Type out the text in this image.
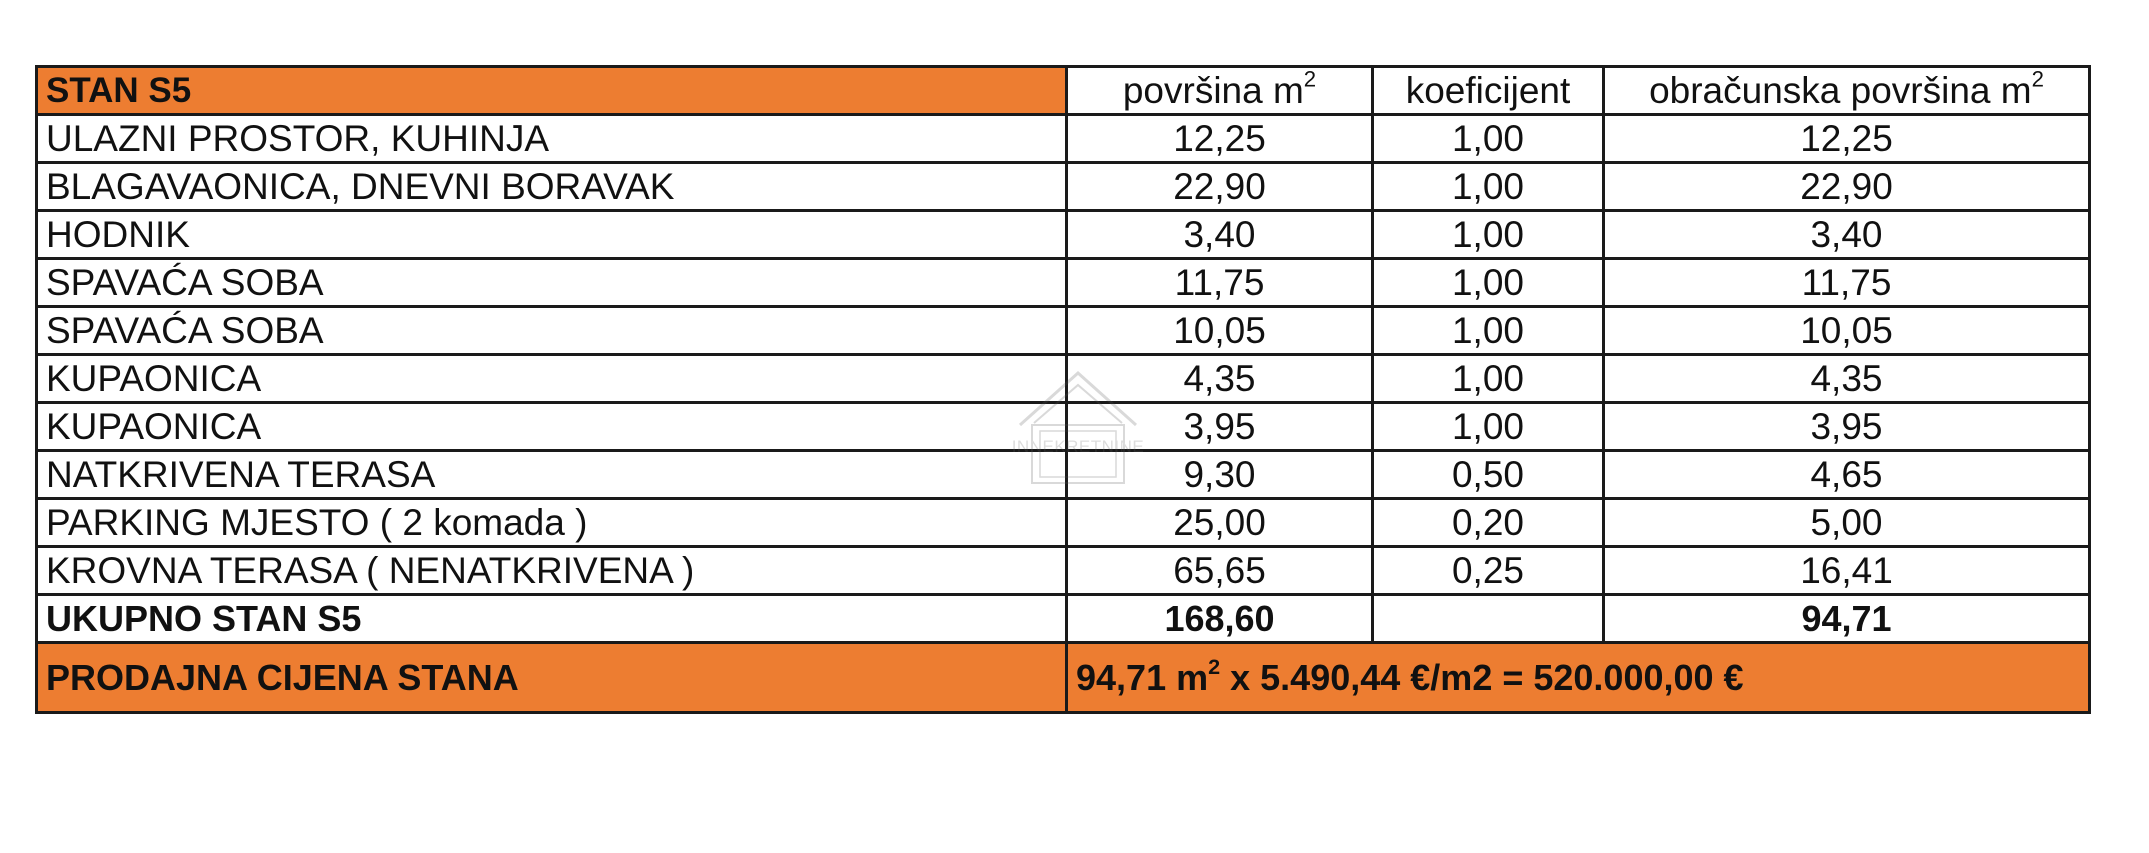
STAN S5	površina $m^2$	koeficijent	obračunska površina $m^2$
ULAZNI PROSTOR, KUHINJA	12,25	1,00	12,25
BLAGAVAONICA, DNEVNI BORAVAK	22,90	1,00	22,90
HODNIK	3,40	1,00	3,40
SPAVAĆA SOBA	11,75	1,00	11,75
SPAVAĆA SOBA	10,05	1,00	10,05
KUPAONICA	4,35	1,00	4,35
KUPAONICA	3,95	1,00	3,95
NATKRIVENA TERASA	9,30	0,50	4,65
PARKING MJESTO ( 2 komada )	25,00	0,20	5,00
KROVNA TERASA ( NENATKRIVENA )	65,65	0,25	16,41
UKUPNO STAN S5	168,60		94,71
PRODAJNA CIJENA STANA	94,71 $m^2$ x 5.490,44 €/m2 = 520.000,00 €		
INNEKRETNINE
